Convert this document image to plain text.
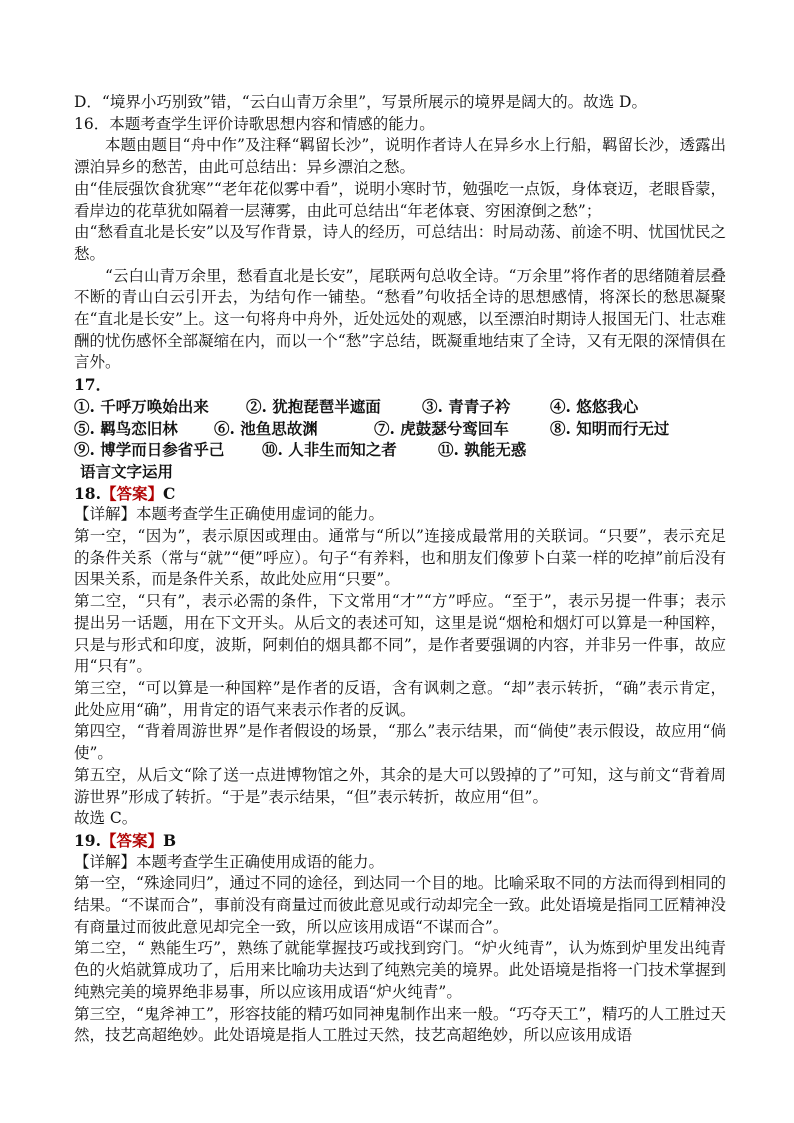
D．“境界小巧别致”错，“云白山青万余里”，写景所展示的境界是阔大的。故选 D。

16．本题考查学生评价诗歌思想内容和情感的能力。

本题由题目“舟中作”及注释“羁留长沙”，说明作者诗人在异乡水上行船，羁留长沙，透露出漂泊异乡的愁苦，由此可总结出：异乡漂泊之愁。

由“佳辰强饮食犹寒”“老年花似雾中看”，说明小寒时节，勉强吃一点饭，身体衰迈，老眼昏蒙，看岸边的花草犹如隔着一层薄雾，由此可总结出“年老体衰、穷困潦倒之愁”；

由“愁看直北是长安”以及写作背景，诗人的经历，可总结出：时局动荡、前途不明、忧国忧民之愁。

“云白山青万余里，愁看直北是长安”，尾联两句总收全诗。“万余里”将作者的思绪随着层叠不断的青山白云引开去，为结句作一铺垫。“愁看”句收括全诗的思想感情，将深长的愁思凝聚在“直北是长安”上。这一句将舟中舟外，近处远处的观感，以至漂泊时期诗人报国无门、壮志难酬的忧伤感怀全部凝缩在内，而以一个“愁”字总结，既凝重地结束了全诗，又有无限的深情俱在言外。

17．

①. 千呼万唤始出来	②. 犹抱琵琶半遮面	③. 青青子衿	④. 悠悠我心
⑤. 羁鸟恋旧林	⑥. 池鱼思故渊	⑦. 虎鼓瑟兮鸾回车	⑧. 知明而行无过
⑨. 博学而日参省乎己	⑩. 人非生而知之者	⑪. 孰能无惑

语言文字运用

18.【答案】C

【详解】本题考查学生正确使用虚词的能力。

第一空，“因为”，表示原因或理由。通常与“所以”连接成最常用的关联词。“只要”，表示充足的条件关系（常与“就”“便”呼应）。句子“有养料，也和朋友们像萝卜白菜一样的吃掉”前后没有因果关系，而是条件关系，故此处应用“只要”。

第二空，“只有”，表示必需的条件，下文常用“才”“方”呼应。“至于”，表示另提一件事；表示提出另一话题，用在下文开头。从后文的表述可知，这里是说“烟枪和烟灯可以算是一种国粹，只是与形式和印度，波斯，阿剌伯的烟具都不同”，是作者要强调的内容，并非另一件事，故应用“只有”。

第三空，“可以算是一种国粹”是作者的反语，含有讽刺之意。“却”表示转折，“确”表示肯定，此处应用“确”，用肯定的语气来表示作者的反讽。

第四空，“背着周游世界”是作者假设的场景，“那么”表示结果，而“倘使”表示假设，故应用“倘使”。

第五空，从后文“除了送一点进博物馆之外，其余的是大可以毁掉的了”可知，这与前文“背着周游世界”形成了转折。“于是”表示结果，“但”表示转折，故应用“但”。

故选 C。

19.【答案】B

【详解】本题考查学生正确使用成语的能力。

第一空，“殊途同归”，通过不同的途径，到达同一个目的地。比喻采取不同的方法而得到相同的结果。“不谋而合”，事前没有商量过而彼此意见或行动却完全一致。此处语境是指同工匠精神没有商量过而彼此意见却完全一致，所以应该用成语“不谋而合”。

第二空，“ 熟能生巧”，熟练了就能掌握技巧或找到窍门。“炉火纯青”，认为炼到炉里发出纯青色的火焰就算成功了，后用来比喻功夫达到了纯熟完美的境界。此处语境是指将一门技术掌握到纯熟完美的境界绝非易事，所以应该用成语“炉火纯青”。

第三空，“鬼斧神工”，形容技能的精巧如同神鬼制作出来一般。“巧夺天工”，精巧的人工胜过天然，技艺高超绝妙。此处语境是指人工胜过天然，技艺高超绝妙，所以应该用成语
